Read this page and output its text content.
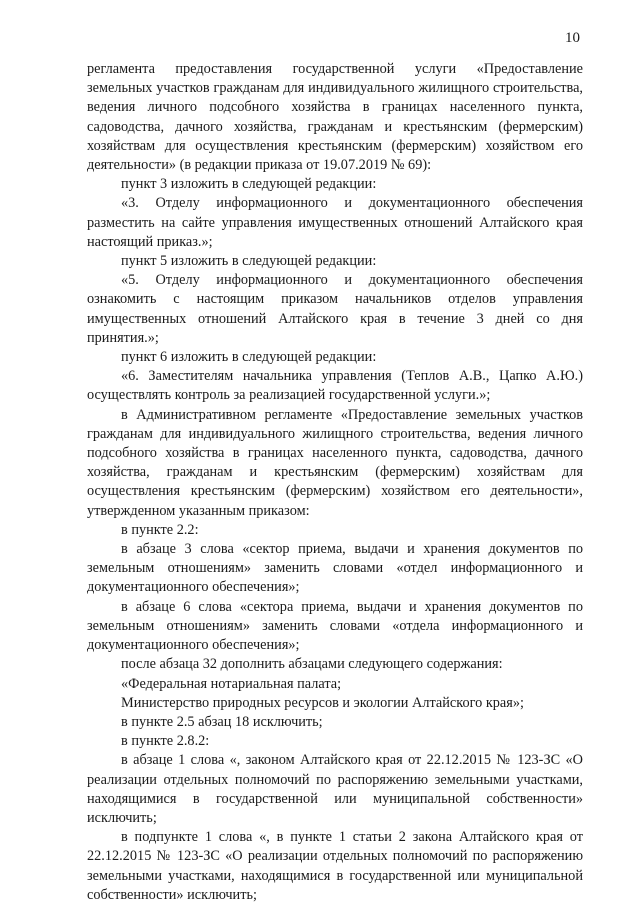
10

регламента предоставления государственной услуги «Предоставление земельных участков гражданам для индивидуального жилищного строительства, ведения личного подсобного хозяйства в границах населенного пункта, садоводства, дачного хозяйства, гражданам и крестьянским (фермерским) хозяйствам для осуществления крестьянским (фермерским) хозяйством его деятельности» (в редакции приказа от 19.07.2019 № 69):

пункт 3 изложить в следующей редакции:

«3. Отделу информационного и документационного обеспечения разместить на сайте управления имущественных отношений Алтайского края настоящий приказ.»;

пункт 5 изложить в следующей редакции:

«5. Отделу информационного и документационного обеспечения ознакомить с настоящим приказом начальников отделов управления имущественных отношений Алтайского края в течение 3 дней со дня принятия.»;

пункт 6 изложить в следующей редакции:

«6. Заместителям начальника управления (Теплов А.В., Цапко А.Ю.) осуществлять контроль за реализацией государственной услуги.»;

в Административном регламенте «Предоставление земельных участков гражданам для индивидуального жилищного строительства, ведения личного подсобного хозяйства в границах населенного пункта, садоводства, дачного хозяйства, гражданам и крестьянским (фермерским) хозяйствам для осуществления крестьянским (фермерским) хозяйством его деятельности», утвержденном указанным приказом:

в пункте 2.2:

в абзаце 3 слова «сектор приема, выдачи и хранения документов по земельным отношениям» заменить словами «отдел информационного и документационного обеспечения»;

в абзаце 6 слова «сектора приема, выдачи и хранения документов по земельным отношениям» заменить словами «отдела информационного и документационного обеспечения»;

после абзаца 32 дополнить абзацами следующего содержания:

«Федеральная нотариальная палата;

Министерство природных ресурсов и экологии Алтайского края»;

в пункте 2.5 абзац 18 исключить;

в пункте 2.8.2:

в абзаце 1 слова «, законом Алтайского края от 22.12.2015 № 123-ЗС «О реализации отдельных полномочий по распоряжению земельными участками, находящимися в государственной или муниципальной собственности» исключить;

в подпункте 1 слова «, в пункте 1 статьи 2 закона Алтайского края от 22.12.2015 № 123-ЗС «О реализации отдельных полномочий по распоряжению земельными участками, находящимися в государственной или муниципальной собственности» исключить;
